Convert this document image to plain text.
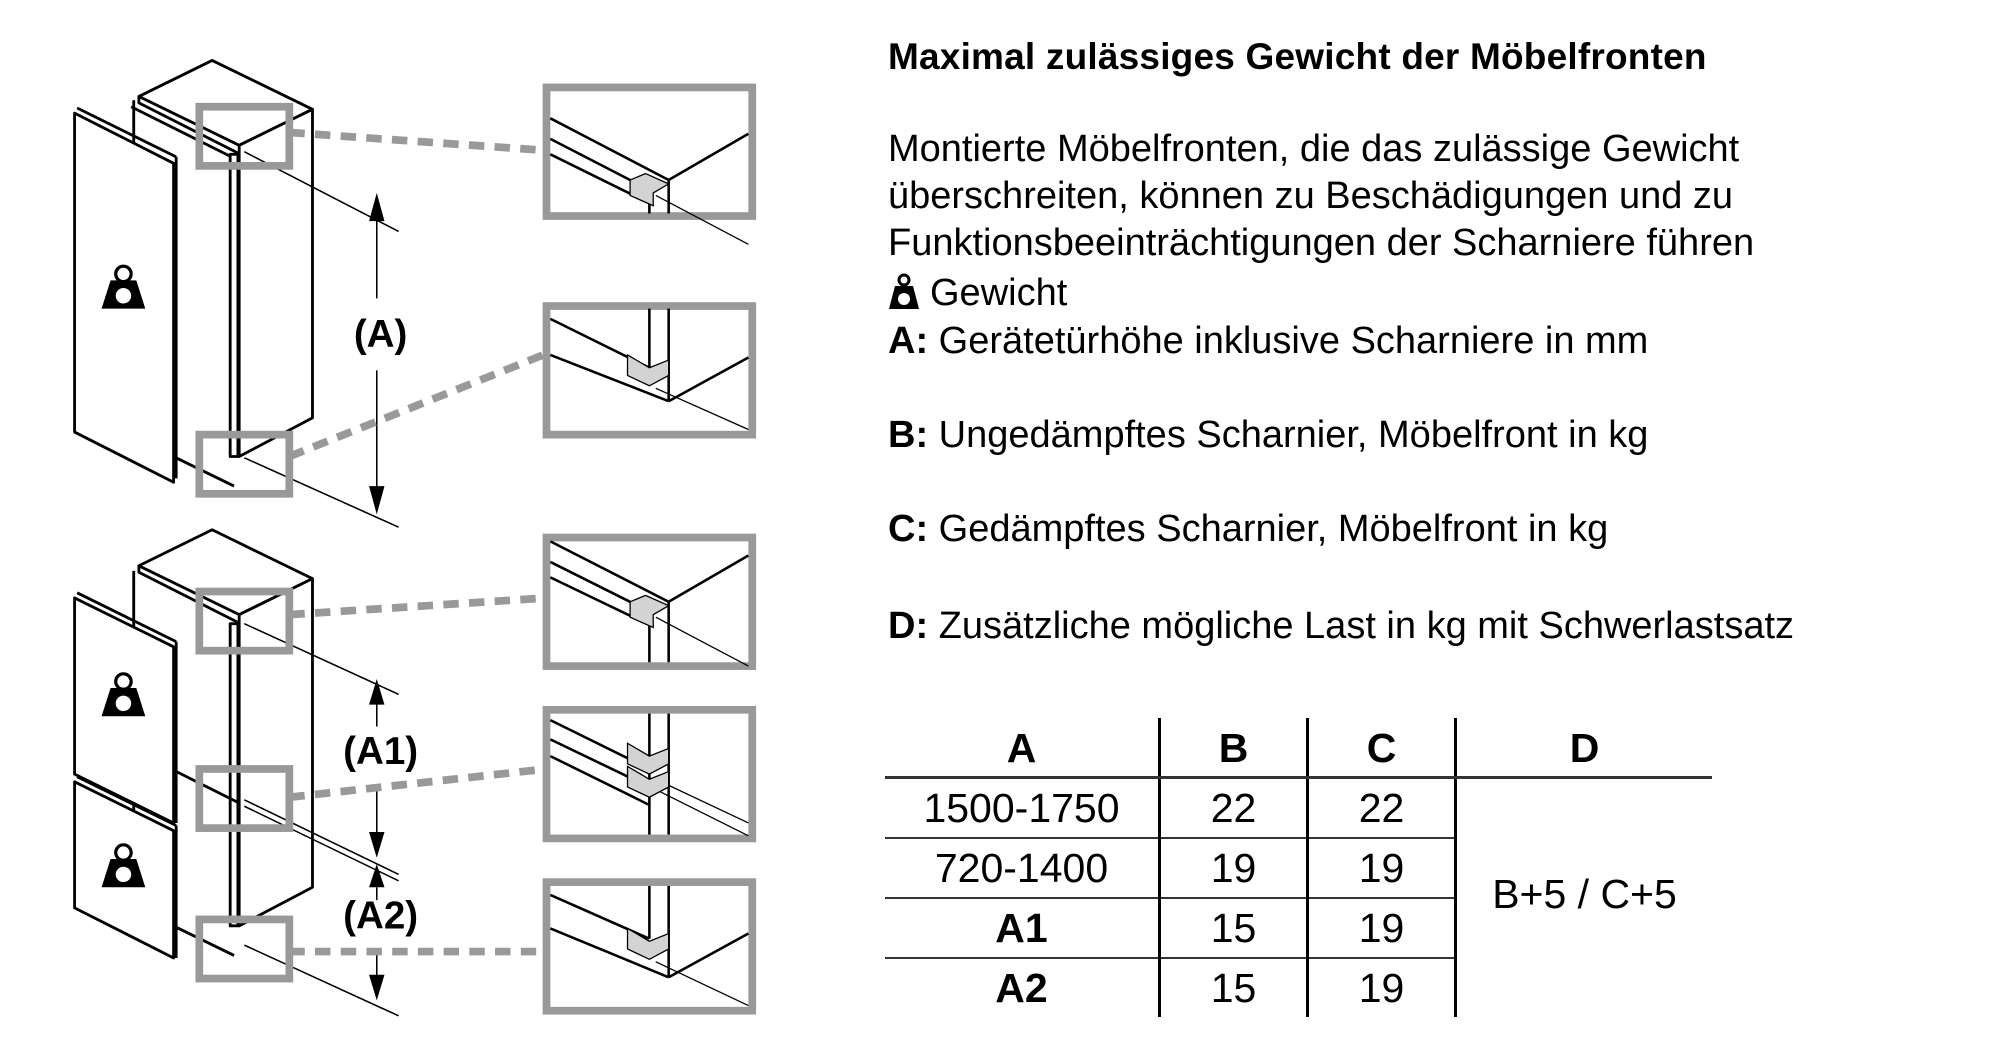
(A)
(A1)
(A2)
Maximal zulässiges Gewicht der Möbelfronten
Montierte Möbelfronten, die das zulässige Gewicht
überschreiten, können zu Beschädigungen und zu
Funktionsbeeinträchtigungen der Scharniere führen
Gewicht
A: Gerätetürhöhe inklusive Scharniere in mm
B: Ungedämpftes Scharnier, Möbelfront in kg
C: Gedämpftes Scharnier, Möbelfront in kg
D: Zusätzliche mögliche Last in kg mit Schwerlastsatz
A	B	C	D
1500-1750	22	22	B+5 / C+5
720-1400	19	19	
A1	15	19	
A2	15	19	
